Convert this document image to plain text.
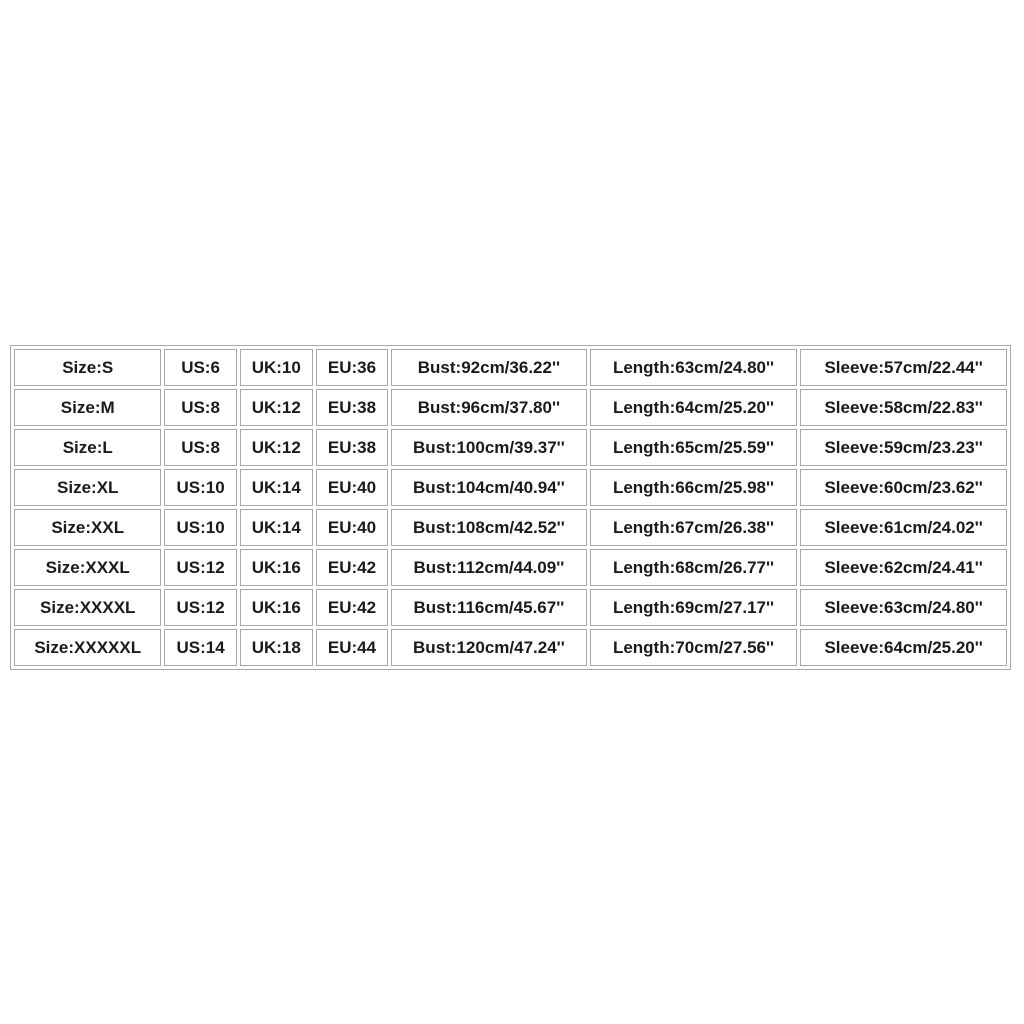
Size:S	US:6	UK:10	EU:36	Bust:92cm/36.22''	Length:63cm/24.80''	Sleeve:57cm/22.44''
Size:M	US:8	UK:12	EU:38	Bust:96cm/37.80''	Length:64cm/25.20''	Sleeve:58cm/22.83''
Size:L	US:8	UK:12	EU:38	Bust:100cm/39.37''	Length:65cm/25.59''	Sleeve:59cm/23.23''
Size:XL	US:10	UK:14	EU:40	Bust:104cm/40.94''	Length:66cm/25.98''	Sleeve:60cm/23.62''
Size:XXL	US:10	UK:14	EU:40	Bust:108cm/42.52''	Length:67cm/26.38''	Sleeve:61cm/24.02''
Size:XXXL	US:12	UK:16	EU:42	Bust:112cm/44.09''	Length:68cm/26.77''	Sleeve:62cm/24.41''
Size:XXXXL	US:12	UK:16	EU:42	Bust:116cm/45.67''	Length:69cm/27.17''	Sleeve:63cm/24.80''
Size:XXXXXL	US:14	UK:18	EU:44	Bust:120cm/47.24''	Length:70cm/27.56''	Sleeve:64cm/25.20''
